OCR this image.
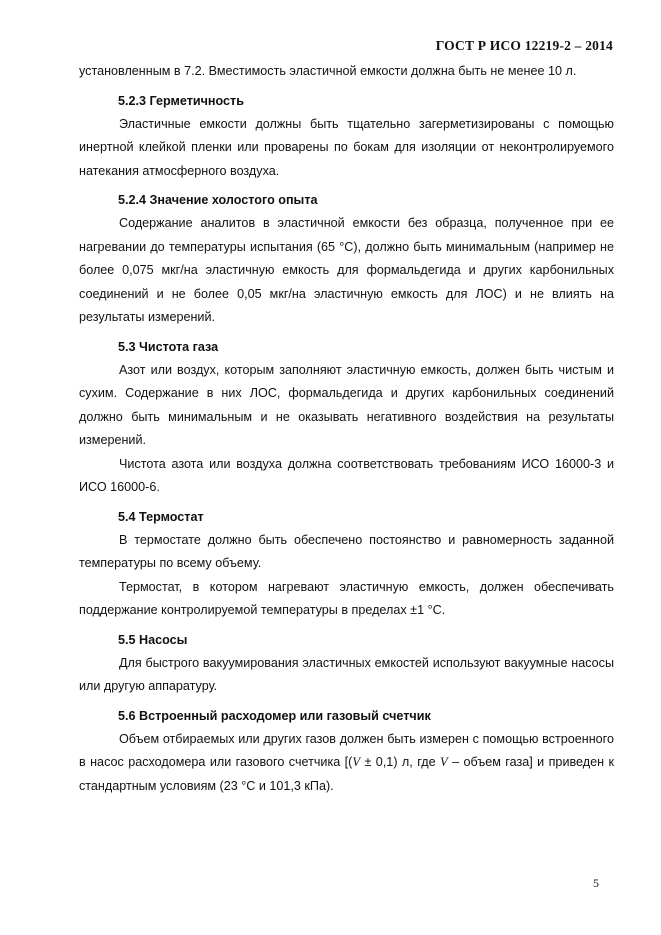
ГОСТ Р ИСО 12219-2 – 2014

установленным в 7.2. Вместимость эластичной емкости должна быть не менее 10 л.

5.2.3 Герметичность

Эластичные емкости должны быть тщательно загерметизированы с помощью инертной клейкой пленки или проварены по бокам для изоляции от неконтролируемого натекания атмосферного воздуха.

5.2.4 Значение холостого опыта

Содержание аналитов в эластичной емкости без образца, полученное при ее нагревании до температуры испытания (65 °С), должно быть минимальным (например не более 0,075 мкг/на эластичную емкость для формальдегида и других карбонильных соединений и не более 0,05 мкг/на эластичную емкость для ЛОС) и не влиять на результаты измерений.

5.3 Чистота газа

Азот или воздух, которым заполняют эластичную емкость, должен быть чистым и сухим. Содержание в них ЛОС, формальдегида и других карбонильных соединений должно быть минимальным и не оказывать негативного воздействия на результаты измерений.

Чистота азота или воздуха должна соответствовать требованиям ИСО 16000-3 и ИСО 16000-6.

5.4 Термостат

В термостате должно быть обеспечено постоянство и равномерность заданной температуры по всему объему.

Термостат, в котором нагревают эластичную емкость, должен обеспечивать поддержание контролируемой температуры в пределах ±1 °С.

5.5 Насосы

Для быстрого вакуумирования эластичных емкостей используют вакуумные насосы или другую аппаратуру.

5.6 Встроенный расходомер или газовый счетчик

Объем отбираемых или других газов должен быть измерен с помощью встроенного в насос расходомера или газового счетчика [(V ± 0,1) л, где V – объем газа] и приведен к стандартным условиям (23 °С и 101,3 кПа).

5
